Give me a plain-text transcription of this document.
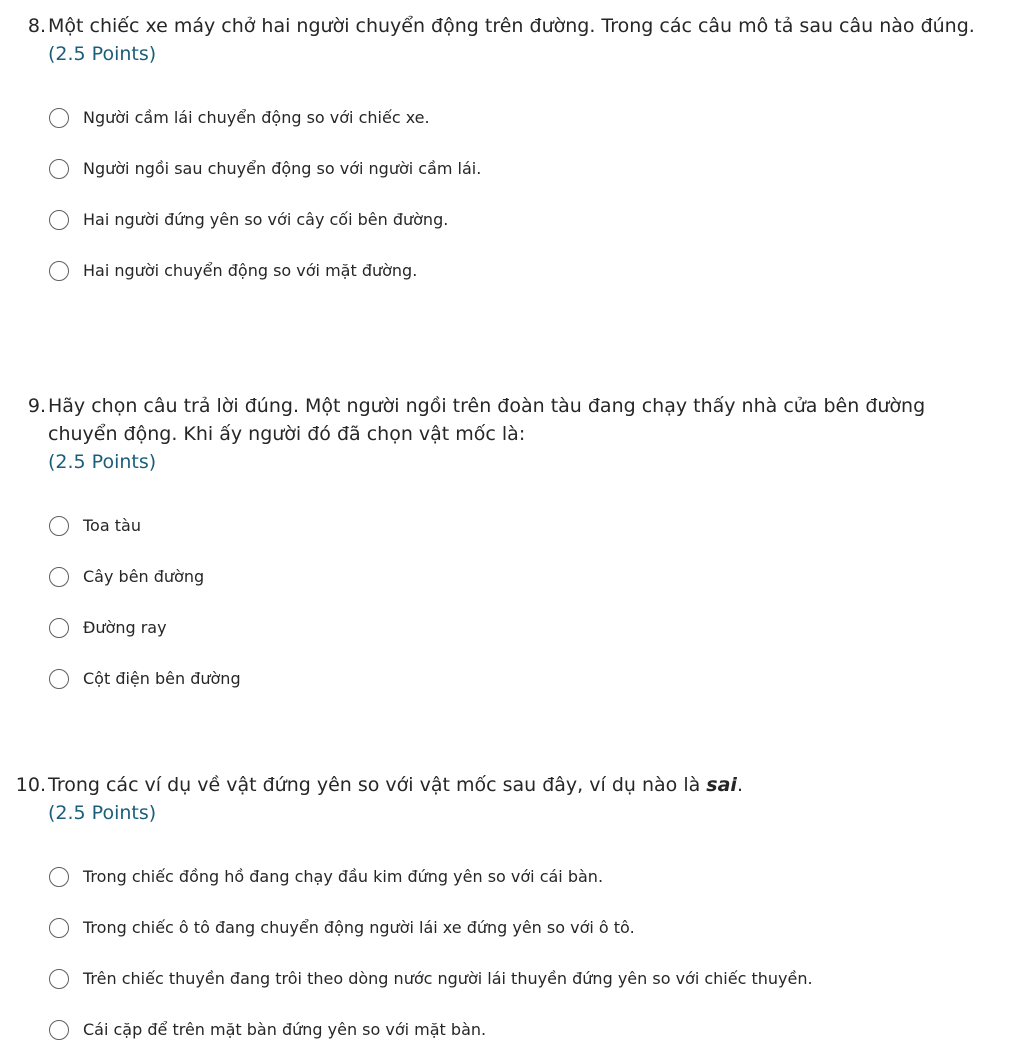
8. Một chiếc xe máy chở hai người chuyển động trên đường. Trong các câu mô tả sau câu nào đúng.
(2.5 Points)
Người cầm lái chuyển động so với chiếc xe.
Người ngồi sau chuyển động so với người cầm lái.
Hai người đứng yên so với cây cối bên đường.
Hai người chuyển động so với mặt đường.
9. Hãy chọn câu trả lời đúng. Một người ngồi trên đoàn tàu đang chạy thấy nhà cửa bên đường chuyển động. Khi ấy người đó đã chọn vật mốc là:
(2.5 Points)
Toa tàu
Cây bên đường
Đường ray
Cột điện bên đường
10. Trong các ví dụ về vật đứng yên so với vật mốc sau đây, ví dụ nào là sai.
(2.5 Points)
Trong chiếc đồng hồ đang chạy đầu kim đứng yên so với cái bàn.
Trong chiếc ô tô đang chuyển động người lái xe đứng yên so với ô tô.
Trên chiếc thuyền đang trôi theo dòng nước người lái thuyền đứng yên so với chiếc thuyền.
Cái cặp để trên mặt bàn đứng yên so với mặt bàn.
